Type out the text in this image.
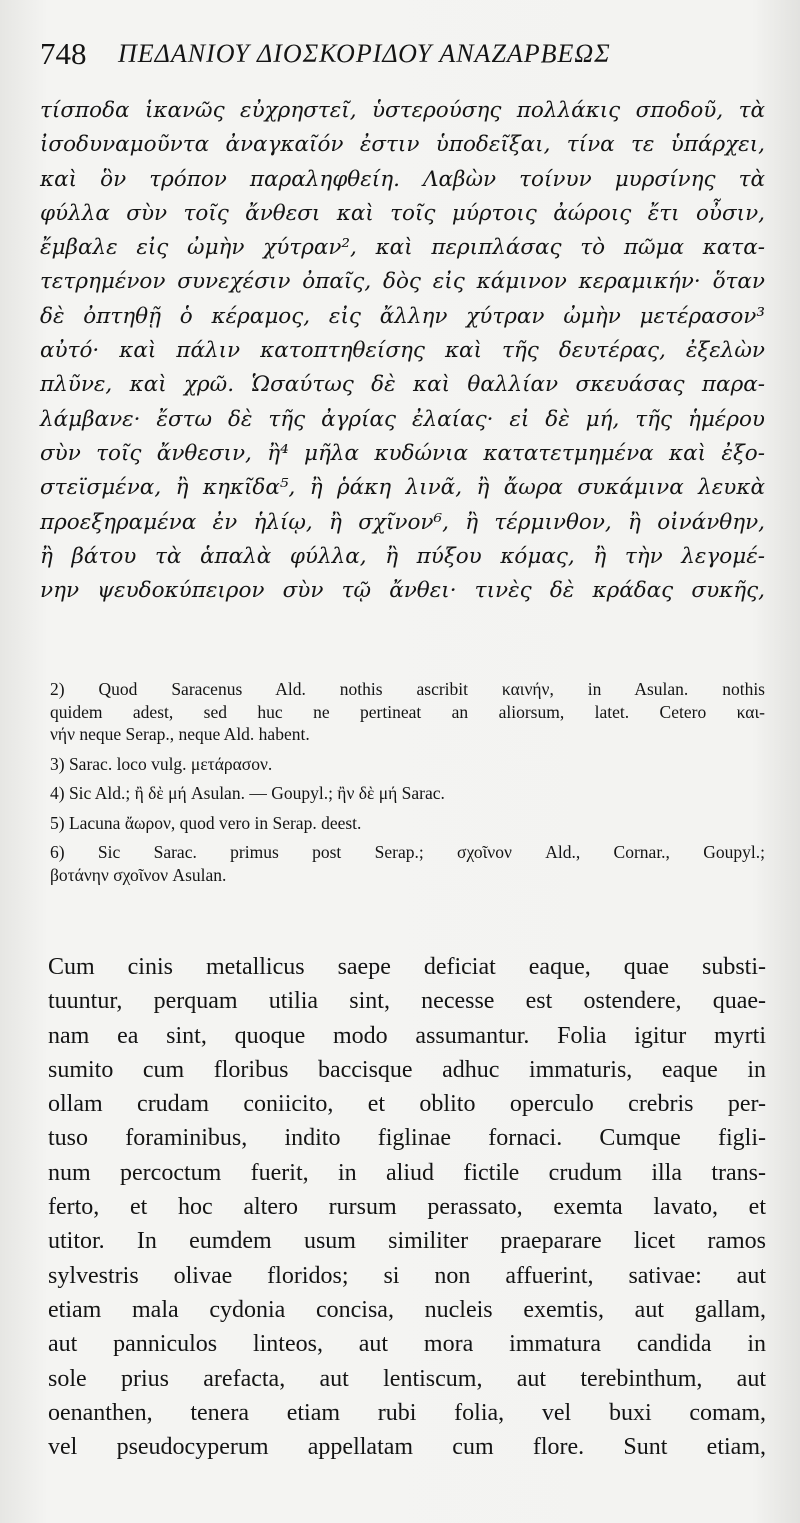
748 ΠΕΔΑΝΙΟΥ ΔΙΟΣΚΟΡΙΔΟΥ ΑΝΑΖΑΡΒΕΩΣ
τίσποδα ἱκανῶς εὐχρηστεῖ, ὑστερούσης πολλάκις σποδοῦ, τὰ
ἰσοδυναμοῦντα ἀναγκαῖόν ἐστιν ὑποδεῖξαι, τίνα τε ὑπάρχει,
καὶ ὃν τρόπον παραληφθείη. Λαβὼν τοίνυν μυρσίνης τὰ
φύλλα σὺν τοῖς ἄνθεσι καὶ τοῖς μύρτοις ἀώροις ἔτι οὖσιν,
ἔμβαλε εἰς ὠμὴν χύτραν², καὶ περιπλάσας τὸ πῶμα κατα-
τετρημένον συνεχέσιν ὀπαῖς, δὸς εἰς κάμινον κεραμικήν· ὅταν
δὲ ὀπτηθῇ ὁ κέραμος, εἰς ἄλλην χύτραν ὠμὴν μετέρασον³
αὐτό· καὶ πάλιν κατοπτηθείσης καὶ τῆς δευτέρας, ἐξελὼν
πλῦνε, καὶ χρῶ. Ὡσαύτως δὲ καὶ θαλλίαν σκευάσας παρα-
λάμβανε· ἔστω δὲ τῆς ἀγρίας ἐλαίας· εἰ δὲ μή, τῆς ἡμέρου
σὺν τοῖς ἄνθεσιν, ἢ⁴ μῆλα κυδώνια κατατετμημένα καὶ ἐξο-
στεϊσμένα, ἢ κηκῖδα⁵, ἢ ῥάκη λινᾶ, ἢ ἄωρα συκάμινα λευκὰ
προεξηραμένα ἐν ἡλίῳ, ἢ σχῖνον⁶, ἢ τέρμινθον, ἢ οἰνάνθην,
ἢ βάτου τὰ ἁπαλὰ φύλλα, ἢ πύξου κόμας, ἢ τὴν λεγομέ-
νην ψευδοκύπειρον σὺν τῷ ἄνθει· τινὲς δὲ κράδας συκῆς,
2) Quod Saracenus Ald. nothis ascribit καινήν, in Asulan. nothis
quidem adest, sed huc ne pertineat an aliorsum, latet. Cetero και-
νήν neque Serap., neque Ald. habent.
3) Sarac. loco vulg. μετάρασον.
4) Sic Ald.; ἢ δὲ μή Asulan. — Goupyl.; ἢν δὲ μή Sarac.
5) Lacuna ἄωρον, quod vero in Serap. deest.
6) Sic Sarac. primus post Serap.; σχοῖνον Ald., Cornar., Goupyl.;
βοτάνην σχοῖνον Asulan.
Cum cinis metallicus saepe deficiat eaque, quae substi-
tuuntur, perquam utilia sint, necesse est ostendere, quae-
nam ea sint, quoque modo assumantur. Folia igitur myrti
sumito cum floribus baccisque adhuc immaturis, eaque in
ollam crudam coniicito, et oblito operculo crebris per-
tuso foraminibus, indito figlinae fornaci. Cumque figli-
num percoctum fuerit, in aliud fictile crudum illa trans-
ferto, et hoc altero rursum perassato, exemta lavato, et
utitor. In eumdem usum similiter praeparare licet ramos
sylvestris olivae floridos; si non affuerint, sativae: aut
etiam mala cydonia concisa, nucleis exemtis, aut gallam,
aut panniculos linteos, aut mora immatura candida in
sole prius arefacta, aut lentiscum, aut terebinthum, aut
oenanthen, tenera etiam rubi folia, vel buxi comam,
vel pseudocyperum appellatam cum flore. Sunt etiam,
